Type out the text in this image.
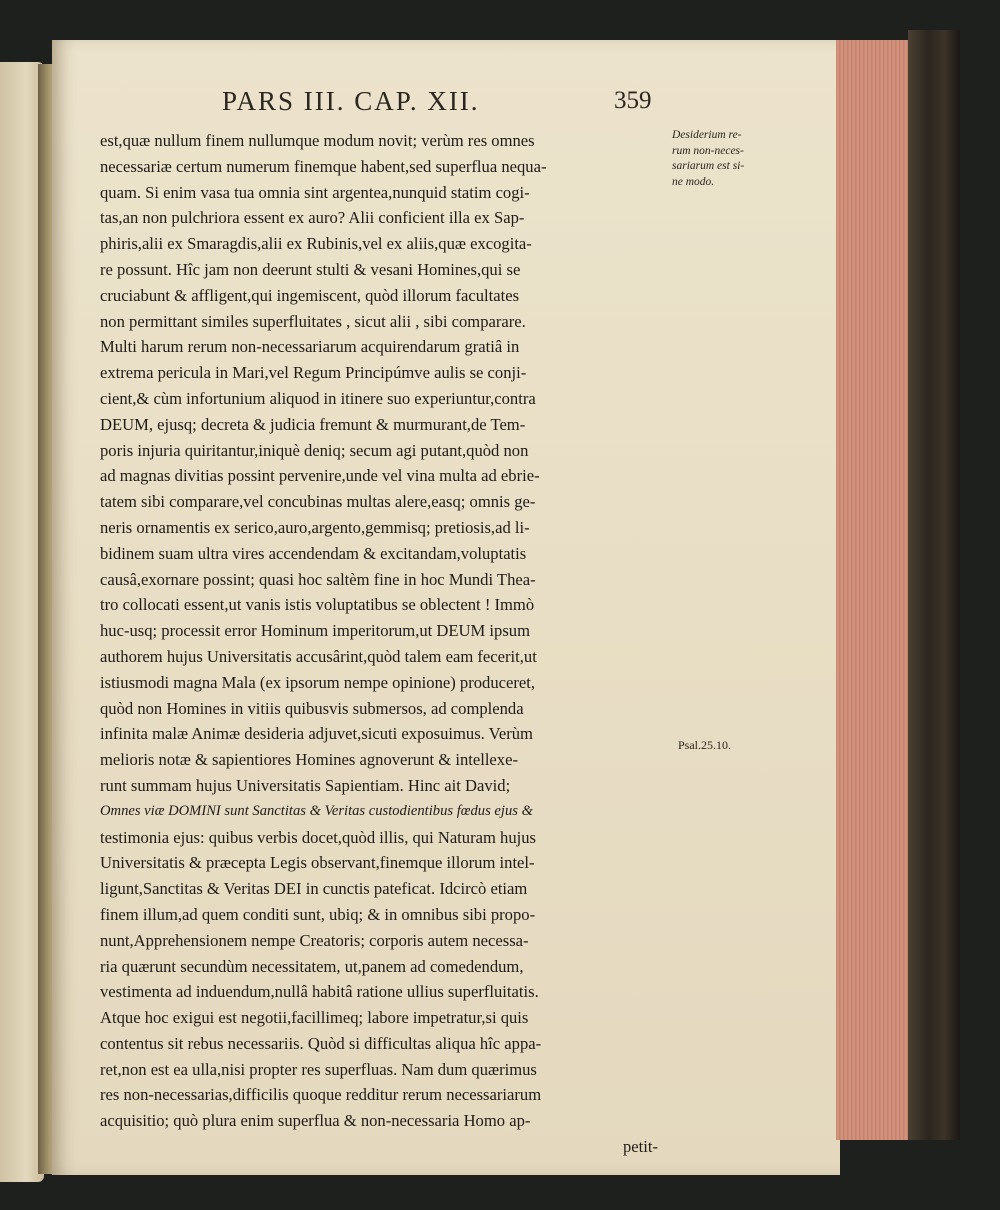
PARS III. CAP. XII.	359
est,quæ nullum finem nullumque modum novit; verùm res omnes
necessariæ certum numerum finemque habent,sed superflua nequa-
quam. Si enim vasa tua omnia sint argentea,nunquid statim cogi-
tas,an non pulchriora essent ex auro? Alii conficient illa ex Sap-
phiris,alii ex Smaragdis,alii ex Rubinis,vel ex aliis,quæ excogita-
re possunt. Hîc jam non deerunt stulti & vesani Homines,qui se
cruciabunt & affligent,qui ingemiscent, quòd illorum facultates
non permittant similes superfluitates , sicut alii , sibi comparare.
Multi harum rerum non-necessariarum acquirendarum gratiâ in
extrema pericula in Mari,vel Regum Principúmve aulis se conji-
cient,& cùm infortunium aliquod in itinere suo experiuntur,contra
DEUM, ejusq; decreta & judicia fremunt & murmurant,de Tem-
poris injuria quiritantur,iniquè deniq; secum agi putant,quòd non
ad magnas divitias possint pervenire,unde vel vina multa ad ebrie-
tatem sibi comparare,vel concubinas multas alere,easq; omnis ge-
neris ornamentis ex serico,auro,argento,gemmisq; pretiosis,ad li-
bidinem suam ultra vires accendendam & excitandam,voluptatis
causâ,exornare possint; quasi hoc saltèm fine in hoc Mundi Thea-
tro collocati essent,ut vanis istis voluptatibus se oblectent ! Immò
huc-usq; processit error Hominum imperitorum,ut DEUM ipsum
authorem hujus Universitatis accusârint,quòd talem eam fecerit,ut
istiusmodi magna Mala (ex ipsorum nempe opinione) produceret,
quòd non Homines in vitiis quibusvis submersos, ad complenda
infinita malæ Animæ desideria adjuvet,sicuti exposuimus. Verùm
melioris notæ & sapientiores Homines agnoverunt & intellexe-
runt summam hujus Universitatis Sapientiam. Hinc ait David;
Omnes viæ DOMINI sunt Sanctitas & Veritas custodientibus fœdus ejus &
testimonia ejus: quibus verbis docet,quòd illis, qui Naturam hujus
Universitatis & præcepta Legis observant,finemque illorum intel-
ligunt,Sanctitas & Veritas DEI in cunctis pateficat. Idcircò etiam
finem illum,ad quem conditi sunt, ubiq; & in omnibus sibi propo-
nunt,Apprehensionem nempe Creatoris; corporis autem necessa-
ria quærunt secundùm necessitatem, ut,panem ad comedendum,
vestimenta ad induendum,nullâ habitâ ratione ullius superfluitatis.
Atque hoc exigui est negotii,facillimeq; labore impetratur,si quis
contentus sit rebus necessariis. Quòd si difficultas aliqua hîc appa-
ret,non est ea ulla,nisi propter res superfluas. Nam dum quærimus
res non-necessarias,difficilis quoque redditur rerum necessariarum
acquisitio; quò plura enim superflua & non-necessaria Homo ap-
petit-
Desiderium re-
rum non-neces-
sariarum est si-
ne modo.
Psal.25.10.
